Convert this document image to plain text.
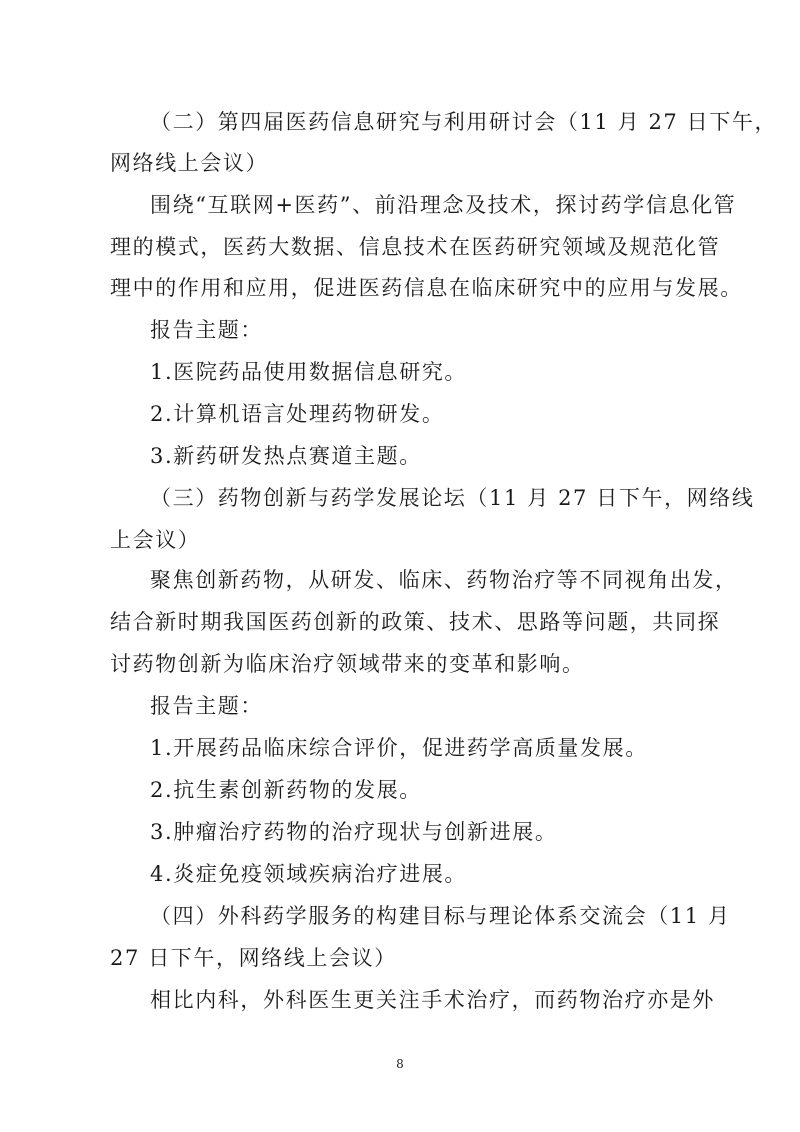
（二）第四届医药信息研究与利用研讨会（11 月 27 日下午，
网络线上会议）
围绕“互联网+医药”、前沿理念及技术，探讨药学信息化管
理的模式，医药大数据、信息技术在医药研究领域及规范化管
理中的作用和应用，促进医药信息在临床研究中的应用与发展。
报告主题：
1.医院药品使用数据信息研究。
2.计算机语言处理药物研发。
3.新药研发热点赛道主题。
（三）药物创新与药学发展论坛（11 月 27 日下午，网络线
上会议）
聚焦创新药物，从研发、临床、药物治疗等不同视角出发，
结合新时期我国医药创新的政策、技术、思路等问题，共同探
讨药物创新为临床治疗领域带来的变革和影响。
报告主题：
1.开展药品临床综合评价，促进药学高质量发展。
2.抗生素创新药物的发展。
3.肿瘤治疗药物的治疗现状与创新进展。
4.炎症免疫领域疾病治疗进展。
（四）外科药学服务的构建目标与理论体系交流会（11 月
27 日下午，网络线上会议）
相比内科，外科医生更关注手术治疗，而药物治疗亦是外
8
